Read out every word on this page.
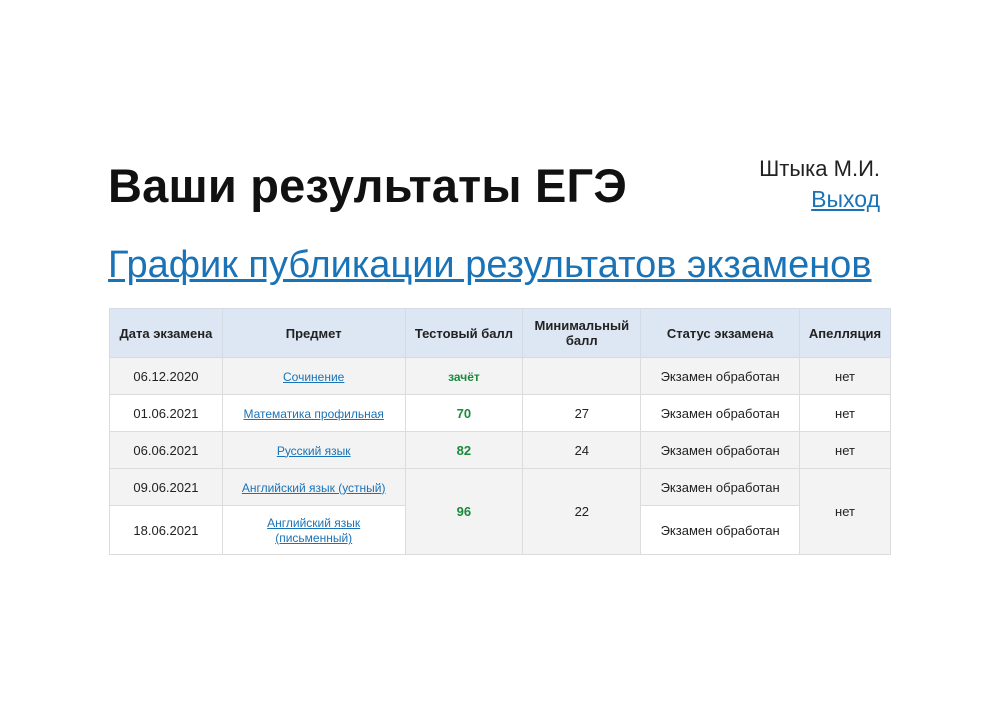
Ваши результаты ЕГЭ	Штыка М.И.
Выход
График публикации результатов экзаменов
Дата экзамена	Предмет	Тестовый балл	Минимальный балл	Статус экзамена	Апелляция
06.12.2020	Сочинение	зачёт		Экзамен обработан	нет
01.06.2021	Математика профильная	70	27	Экзамен обработан	нет
06.06.2021	Русский язык	82	24	Экзамен обработан	нет
09.06.2021	Английский язык (устный)	96	22	Экзамен обработан	нет
18.06.2021	Английский язык (письменный)			Экзамен обработан	
